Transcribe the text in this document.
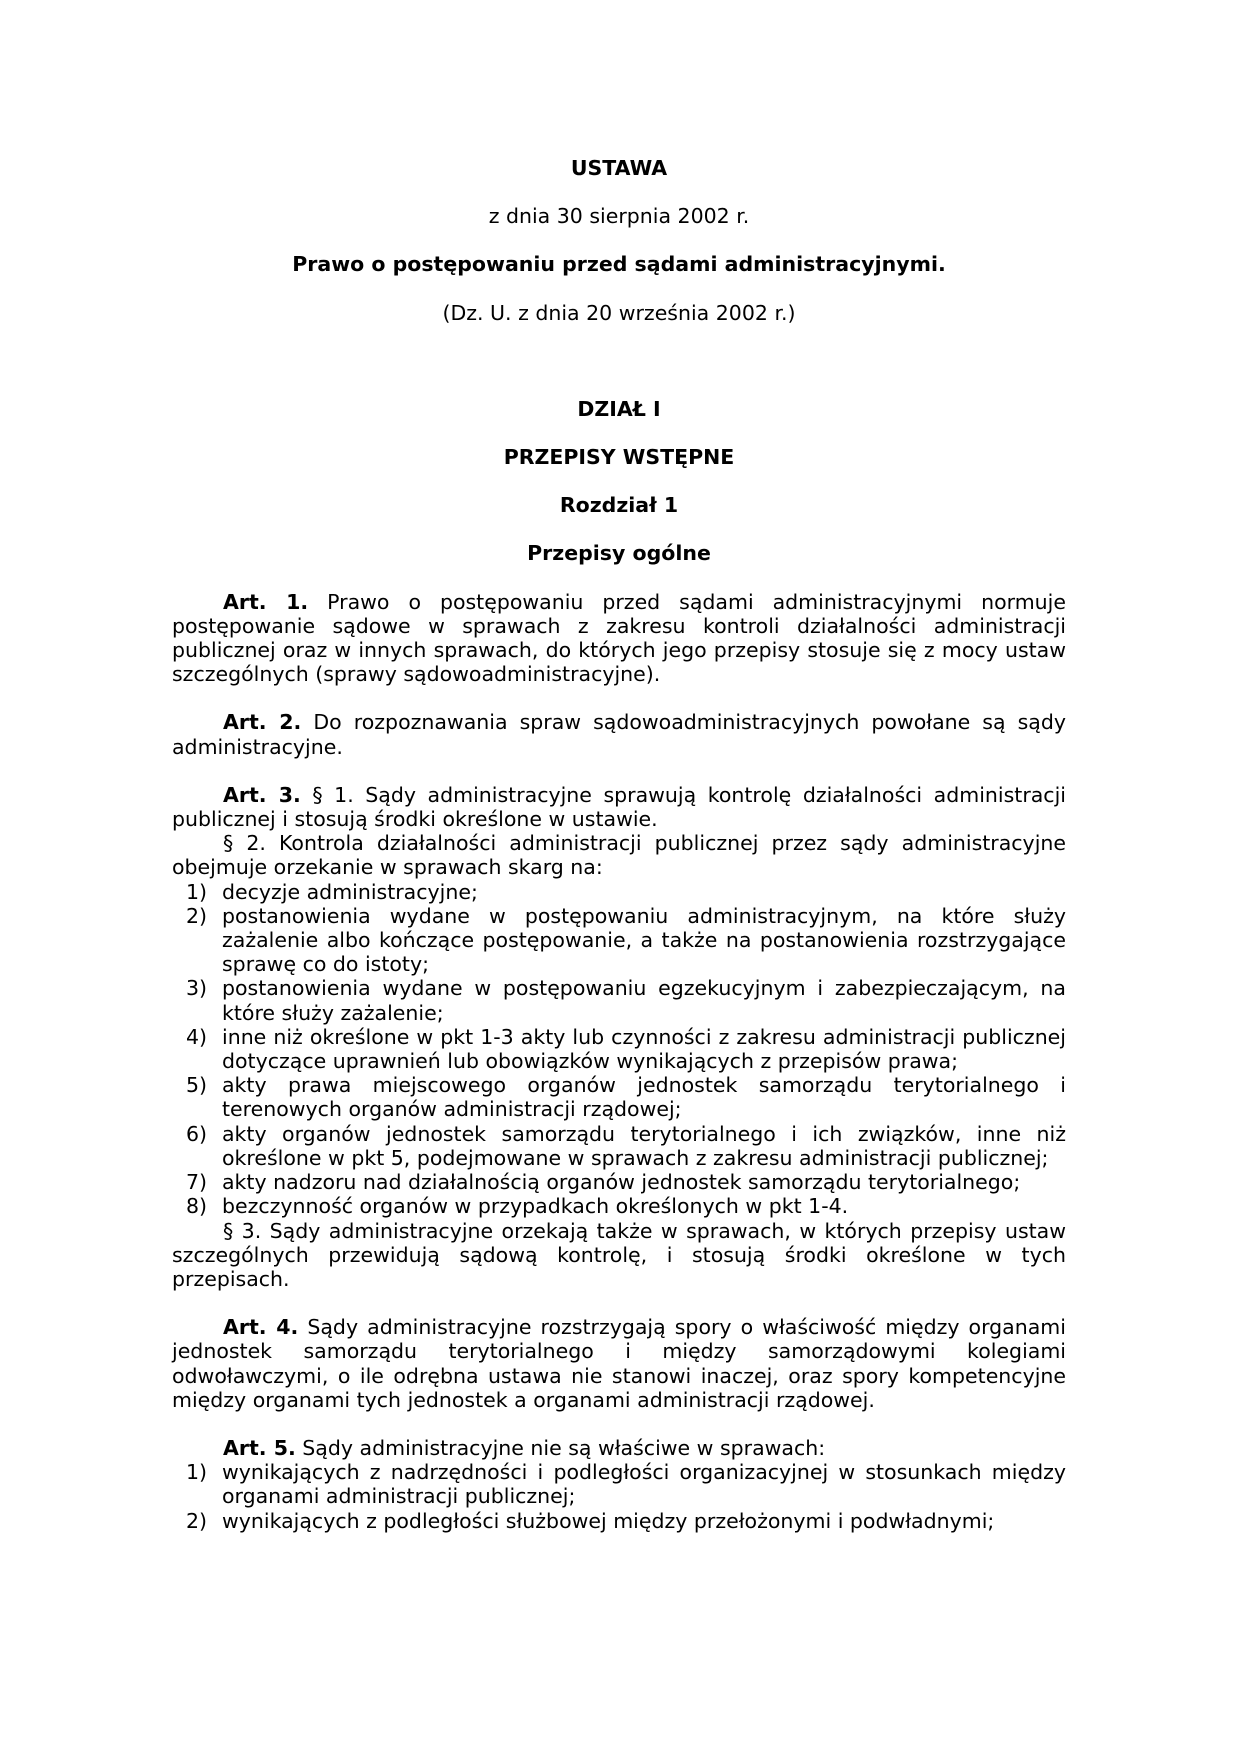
USTAWA

z dnia 30 sierpnia 2002 r.

Prawo o postępowaniu przed sądami administracyjnymi.

(Dz. U. z dnia 20 września 2002 r.)

DZIAŁ I

PRZEPISY WSTĘPNE

Rozdział 1

Przepisy ogólne

Art. 1. Prawo o postępowaniu przed sądami administracyjnymi normuje postępowanie sądowe w sprawach z zakresu kontroli działalności administracji publicznej oraz w innych sprawach, do których jego przepisy stosuje się z mocy ustaw szczególnych (sprawy sądowoadministracyjne).

Art. 2. Do rozpoznawania spraw sądowoadministracyjnych powołane są sądy administracyjne.

Art. 3. § 1. Sądy administracyjne sprawują kontrolę działalności administracji publicznej i stosują środki określone w ustawie.

§ 2. Kontrola działalności administracji publicznej przez sądy administracyjne obejmuje orzekanie w sprawach skarg na:

1) decyzje administracyjne;
2) postanowienia wydane w postępowaniu administracyjnym, na które służy zażalenie albo kończące postępowanie, a także na postanowienia rozstrzygające sprawę co do istoty;
3) postanowienia wydane w postępowaniu egzekucyjnym i zabezpieczającym, na które służy zażalenie;
4) inne niż określone w pkt 1-3 akty lub czynności z zakresu administracji publicznej dotyczące uprawnień lub obowiązków wynikających z przepisów prawa;
5) akty prawa miejscowego organów jednostek samorządu terytorialnego i terenowych organów administracji rządowej;
6) akty organów jednostek samorządu terytorialnego i ich związków, inne niż określone w pkt 5, podejmowane w sprawach z zakresu administracji publicznej;
7) akty nadzoru nad działalnością organów jednostek samorządu terytorialnego;
8) bezczynność organów w przypadkach określonych w pkt 1-4.

§ 3. Sądy administracyjne orzekają także w sprawach, w których przepisy ustaw szczególnych przewidują sądową kontrolę, i stosują środki określone w tych przepisach.

Art. 4. Sądy administracyjne rozstrzygają spory o właściwość między organami jednostek samorządu terytorialnego i między samorządowymi kolegiami odwoławczymi, o ile odrębna ustawa nie stanowi inaczej, oraz spory kompetencyjne między organami tych jednostek a organami administracji rządowej.

Art. 5. Sądy administracyjne nie są właściwe w sprawach:

1) wynikających z nadrzędności i podległości organizacyjnej w stosunkach między organami administracji publicznej;
2) wynikających z podległości służbowej między przełożonymi i podwładnymi;
